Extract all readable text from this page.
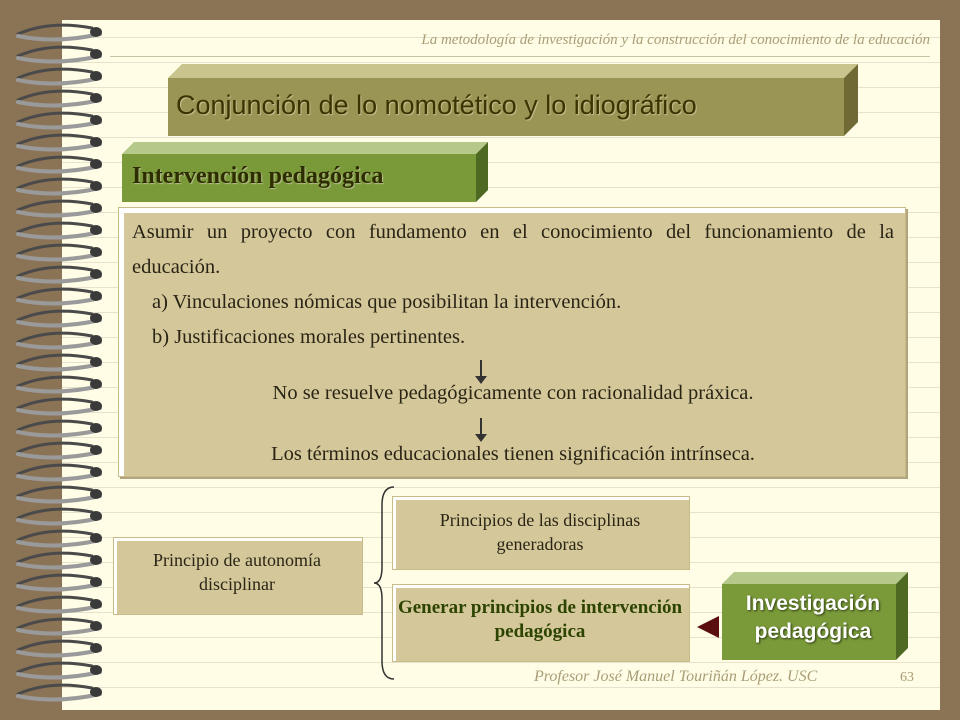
La metodología de investigación y la construcción del conocimiento de la educación
Conjunción de lo nomotético y lo idiográfico
Intervención pedagógica
Asumir un proyecto con fundamento en el conocimiento del funcionamiento de la educación.
a) Vinculaciones nómicas que posibilitan la intervención.
b) Justificaciones morales pertinentes.
No se resuelve pedagógicamente con racionalidad práxica.
Los términos educacionales tienen significación intrínseca.
Principio de autonomía disciplinar
Principios de las disciplinas generadoras
Generar principios de intervención pedagógica
Investigación pedagógica
Profesor José Manuel Touriñán López. USC	63
